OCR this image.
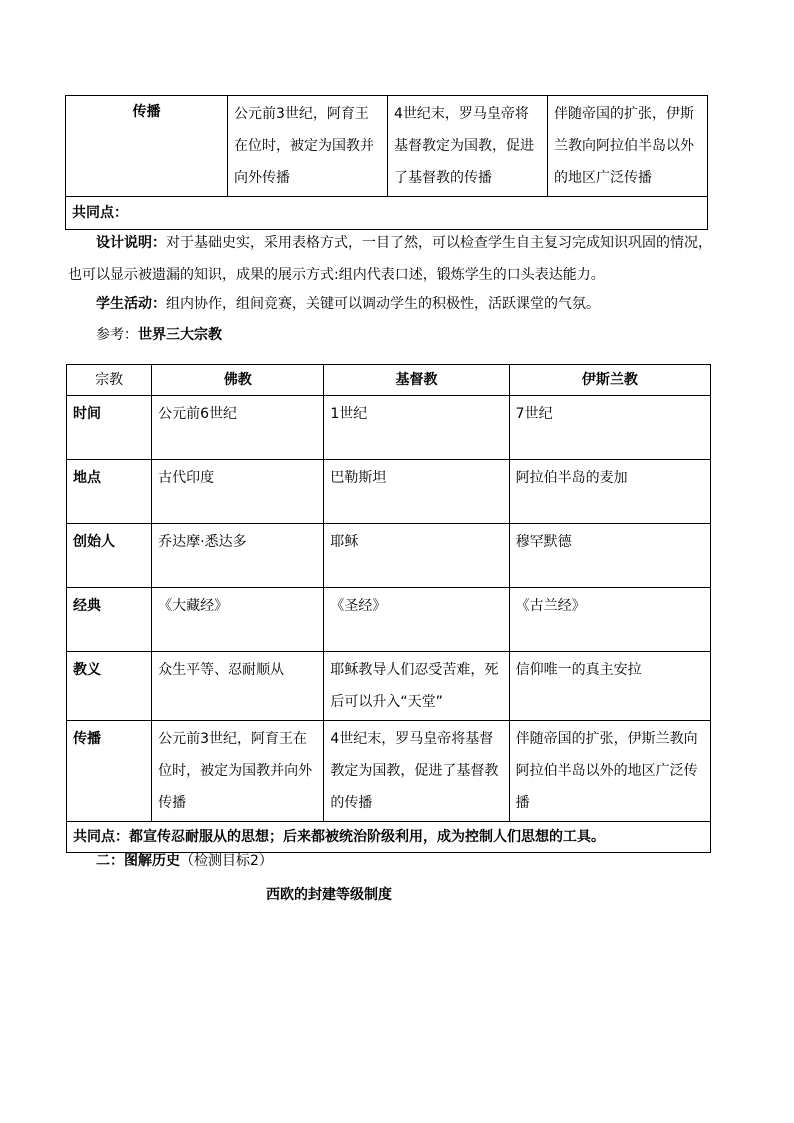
传播	公元前3世纪，阿育王在位时，被定为国教并向外传播	4世纪末，罗马皇帝将基督教定为国教，促进了基督教的传播	伴随帝国的扩张，伊斯兰教向阿拉伯半岛以外的地区广泛传播
共同点：
设计说明：对于基础史实，采用表格方式，一目了然，可以检查学生自主复习完成知识巩固的情况，也可以显示被遗漏的知识，成果的展示方式:组内代表口述，锻炼学生的口头表达能力。
学生活动：组内协作，组间竞赛，关键可以调动学生的积极性，活跃课堂的气氛。
参考：世界三大宗教
宗教	佛教	基督教	伊斯兰教
时间	公元前6世纪	1世纪	7世纪
地点	古代印度	巴勒斯坦	阿拉伯半岛的麦加
创始人	乔达摩·悉达多	耶稣	穆罕默德
经典	《大藏经》	《圣经》	《古兰经》
教义	众生平等、忍耐顺从	耶稣教导人们忍受苦难，死后可以升入“天堂”	信仰唯一的真主安拉
传播	公元前3世纪，阿育王在位时，被定为国教并向外传播	4世纪末，罗马皇帝将基督教定为国教，促进了基督教的传播	伴随帝国的扩张，伊斯兰教向阿拉伯半岛以外的地区广泛传播
共同点：都宣传忍耐服从的思想；后来都被统治阶级利用，成为控制人们思想的工具。			
二：图解历史（检测目标2）
西欧的封建等级制度
